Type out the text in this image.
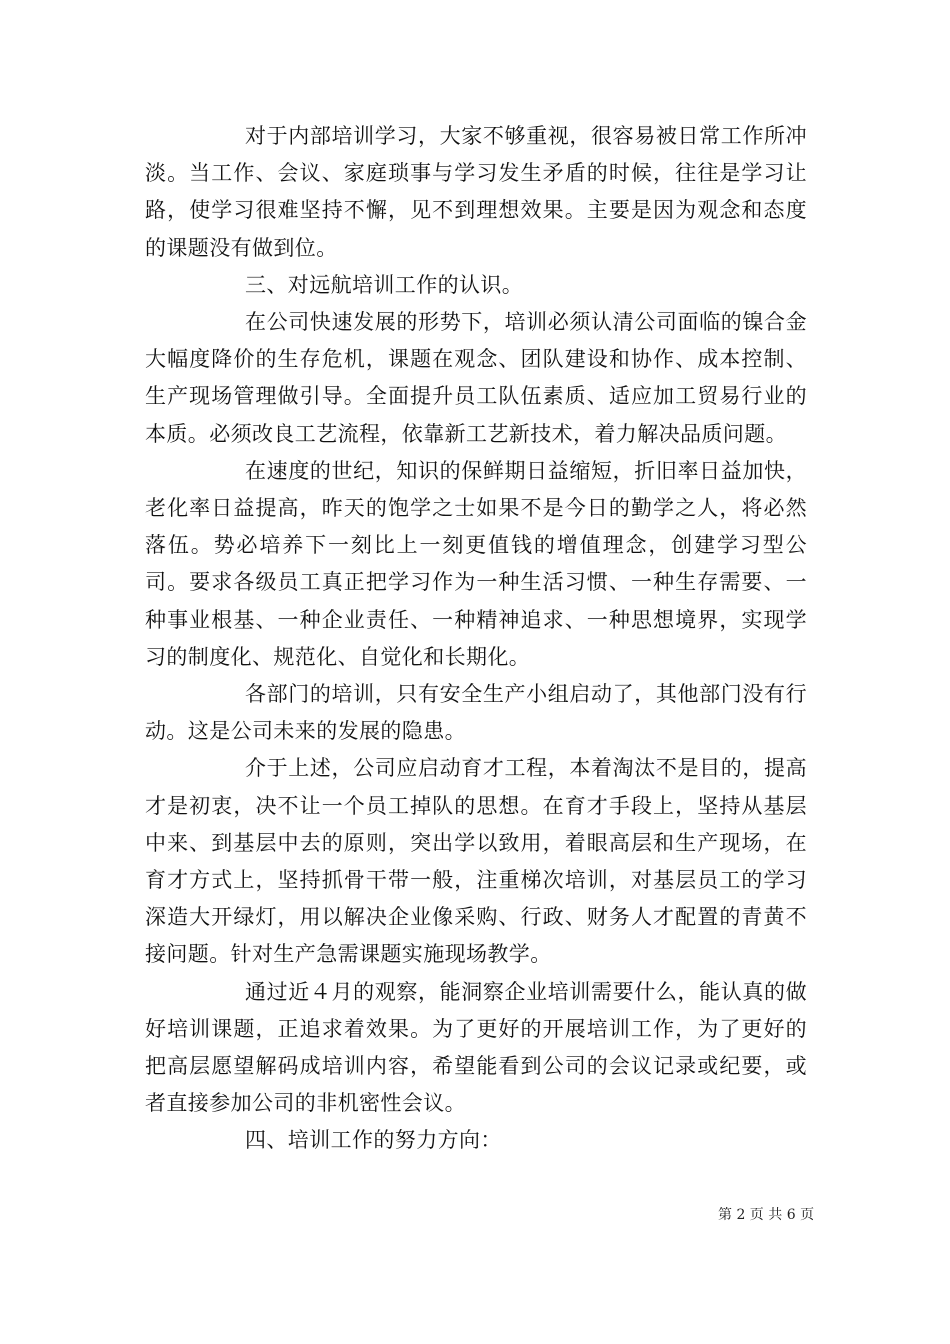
对于内部培训学习，大家不够重视，很容易被日常工作所冲淡。当工作、会议、家庭琐事与学习发生矛盾的时候，往往是学习让路，使学习很难坚持不懈，见不到理想效果。主要是因为观念和态度的课题没有做到位。

三、对远航培训工作的认识。

在公司快速发展的形势下，培训必须认清公司面临的镍合金大幅度降价的生存危机，课题在观念、团队建设和协作、成本控制、生产现场管理做引导。全面提升员工队伍素质、适应加工贸易行业的本质。必须改良工艺流程，依靠新工艺新技术，着力解决品质问题。

在速度的世纪，知识的保鲜期日益缩短，折旧率日益加快，老化率日益提高，昨天的饱学之士如果不是今日的勤学之人，将必然落伍。势必培养下一刻比上一刻更值钱的增值理念，创建学习型公司。要求各级员工真正把学习作为一种生活习惯、一种生存需要、一种事业根基、一种企业责任、一种精神追求、一种思想境界，实现学习的制度化、规范化、自觉化和长期化。

各部门的培训，只有安全生产小组启动了，其他部门没有行动。这是公司未来的发展的隐患。

介于上述，公司应启动育才工程，本着淘汰不是目的，提高才是初衷，决不让一个员工掉队的思想。在育才手段上，坚持从基层中来、到基层中去的原则，突出学以致用，着眼高层和生产现场，在育才方式上，坚持抓骨干带一般，注重梯次培训，对基层员工的学习深造大开绿灯，用以解决企业像采购、行政、财务人才配置的青黄不接问题。针对生产急需课题实施现场教学。

通过近４月的观察，能洞察企业培训需要什么，能认真的做好培训课题，正追求着效果。为了更好的开展培训工作，为了更好的把高层愿望解码成培训内容，希望能看到公司的会议记录或纪要，或者直接参加公司的非机密性会议。

四、培训工作的努力方向：

第 2 页 共 6 页
